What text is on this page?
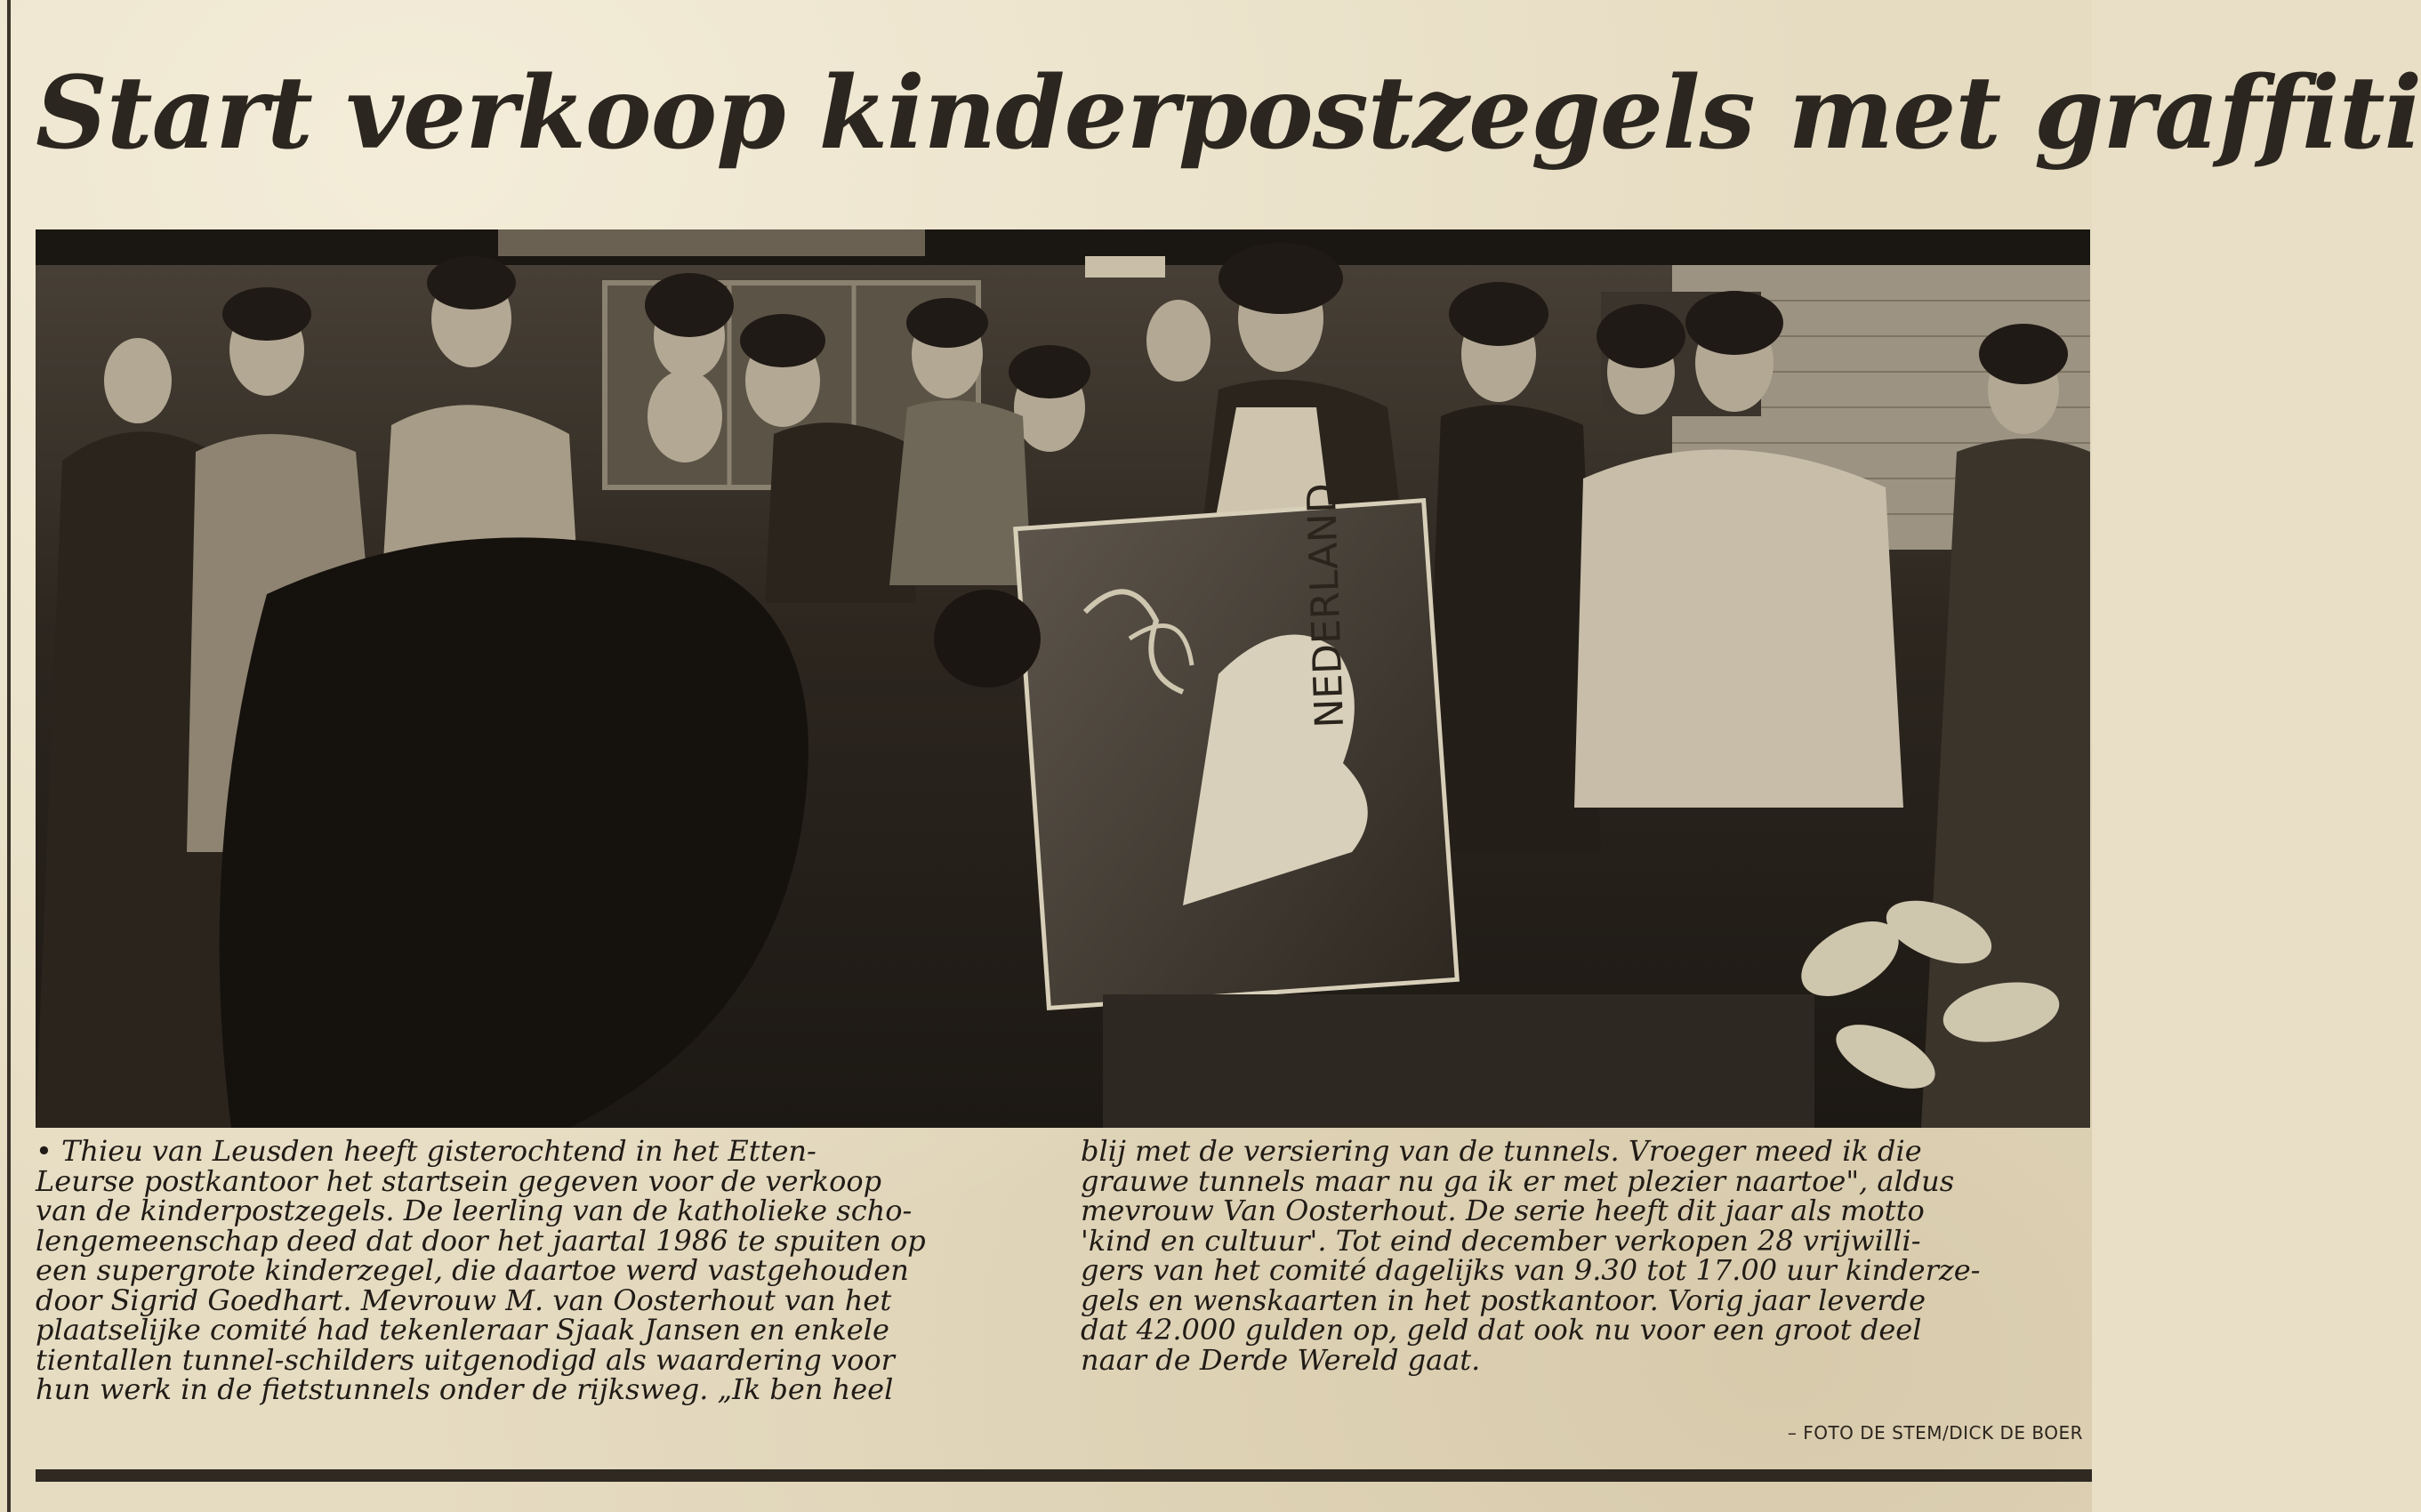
Start verkoop kinderpostzegels met graffiti
NEDERLAND
• Thieu van Leusden heeft gisterochtend in het Etten-
Leurse postkantoor het startsein gegeven voor de verkoop
van de kinderpostzegels. De leerling van de katholieke scho-
lengemeenschap deed dat door het jaartal 1986 te spuiten op
een supergrote kinderzegel, die daartoe werd vastgehouden
door Sigrid Goedhart. Mevrouw M. van Oosterhout van het
plaatselijke comité had tekenleraar Sjaak Jansen en enkele
tientallen tunnel-schilders uitgenodigd als waardering voor
hun werk in de fietstunnels onder de rijksweg. „Ik ben heel
blij met de versiering van de tunnels. Vroeger meed ik die
grauwe tunnels maar nu ga ik er met plezier naartoe", aldus
mevrouw Van Oosterhout. De serie heeft dit jaar als motto
'kind en cultuur'. Tot eind december verkopen 28 vrijwilli-
gers van het comité dagelijks van 9.30 tot 17.00 uur kinderze-
gels en wenskaarten in het postkantoor. Vorig jaar leverde
dat 42.000 gulden op, geld dat ook nu voor een groot deel
naar de Derde Wereld gaat.
– FOTO DE STEM/DICK DE BOER
